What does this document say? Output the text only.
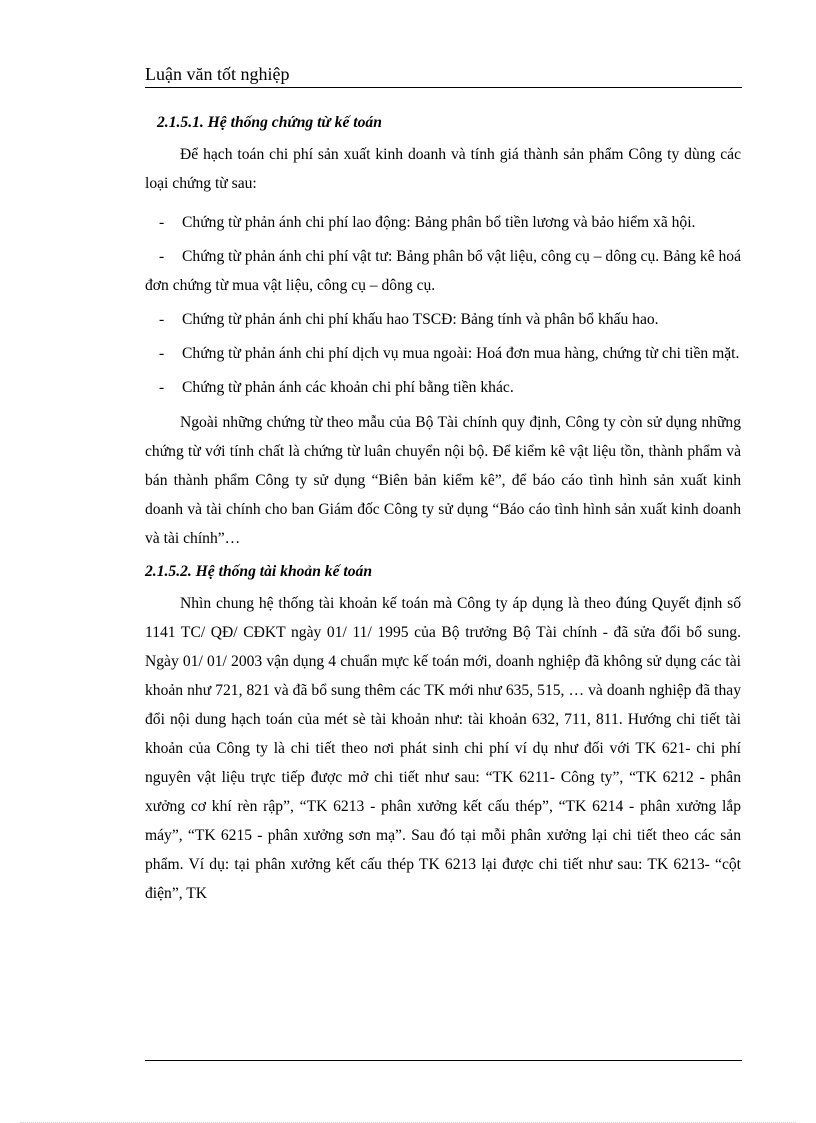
Luận văn tốt nghiệp

2.1.5.1. Hệ thống chứng từ kế toán

Để hạch toán chi phí sản xuất kinh doanh và tính giá thành sản phẩm Công ty dùng các loại chứng từ sau:

- Chứng từ phản ánh chi phí lao động: Bảng phân bổ tiền lương và bảo hiểm xã hội.

- Chứng từ phản ánh chi phí vật tư: Bảng phân bổ vật liệu, công cụ – dông cụ. Bảng kê hoá đơn chứng từ mua vật liệu, công cụ – dông cụ.

- Chứng từ phản ánh chi phí khấu hao TSCĐ: Bảng tính và phân bổ khấu hao.

- Chứng từ phản ánh chi phí dịch vụ mua ngoài: Hoá đơn mua hàng, chứng từ chi tiền mặt.

- Chứng từ phản ánh các khoản chi phí bằng tiền khác.

Ngoài những chứng từ theo mẫu của Bộ Tài chính quy định, Công ty còn sử dụng những chứng từ với tính chất là chứng từ luân chuyển nội bộ. Để kiểm kê vật liệu tồn, thành phẩm và bán thành phẩm Công ty sử dụng “Biên bản kiểm kê”, để báo cáo tình hình sản xuất kinh doanh và tài chính cho ban Giám đốc Công ty sử dụng “Báo cáo tình hình sản xuất kinh doanh và tài chính”…

2.1.5.2. Hệ thống tài khoản kế toán

Nhìn chung hệ thống tài khoản kế toán mà Công ty áp dụng là theo đúng Quyết định số 1141 TC/ QĐ/ CĐKT ngày 01/ 11/ 1995 của Bộ trưởng Bộ Tài chính - đã sửa đổi bổ sung. Ngày 01/ 01/ 2003 vận dụng 4 chuẩn mực kế toán mới, doanh nghiệp đã không sử dụng các tài khoản như 721, 821 và đã bổ sung thêm các TK mới như 635, 515, … và doanh nghiệp đã thay đổi nội dung hạch toán của mét sè tài khoản như: tài khoản 632, 711, 811. Hướng chi tiết tài khoản của Công ty là chi tiết theo nơi phát sinh chi phí ví dụ như đối với TK 621- chi phí nguyên vật liệu trực tiếp được mở chi tiết như sau: “TK 6211- Công ty”, “TK 6212 - phân xưởng cơ khí rèn rập”, “TK 6213 - phân xưởng kết cấu thép”, “TK 6214 - phân xưởng lắp máy”, “TK 6215 - phân xưởng sơn mạ”. Sau đó tại mỗi phân xưởng lại chi tiết theo các sản phẩm. Ví dụ: tại phân xưởng kết cấu thép TK 6213 lại được chi tiết như sau: TK 6213- “cột điện”, TK
